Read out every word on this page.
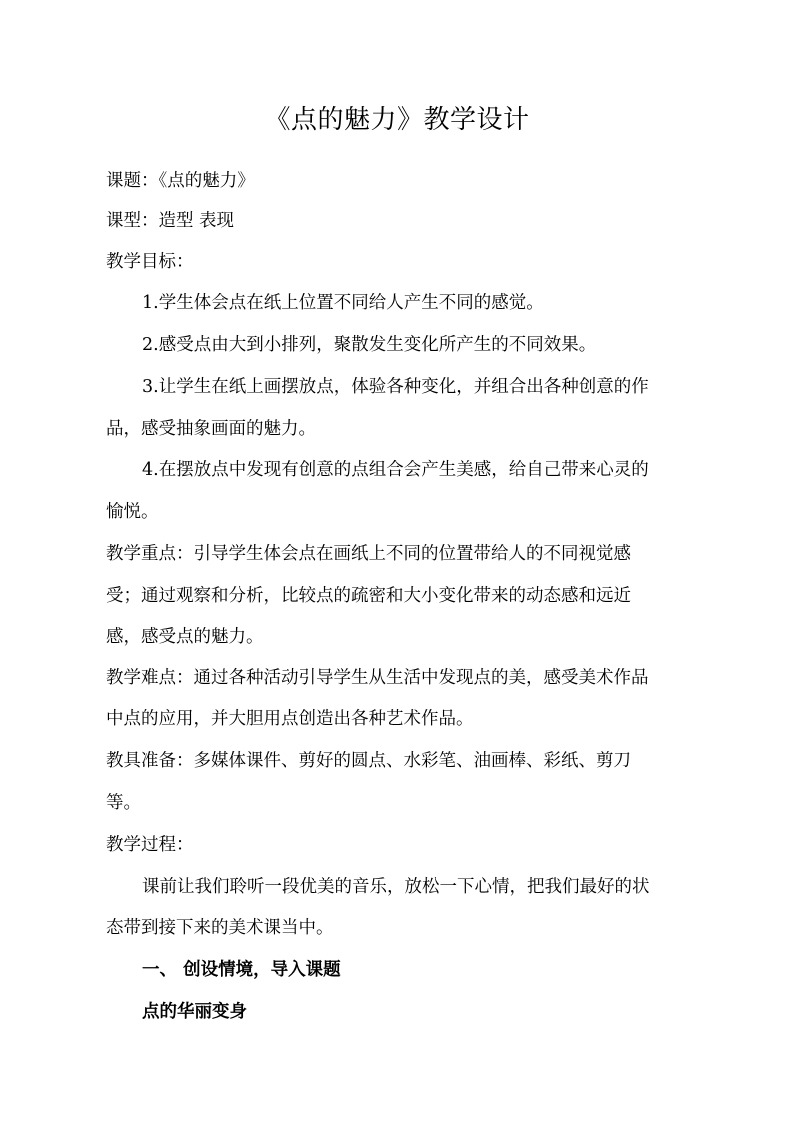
《点的魅力》教学设计

课题：《点的魅力》

课型：造型 表现

教学目标：

1.学生体会点在纸上位置不同给人产生不同的感觉。

2.感受点由大到小排列，聚散发生变化所产生的不同效果。

3.让学生在纸上画摆放点，体验各种变化，并组合出各种创意的作

品，感受抽象画面的魅力。

4.在摆放点中发现有创意的点组合会产生美感，给自己带来心灵的

愉悦。

教学重点：引导学生体会点在画纸上不同的位置带给人的不同视觉感

受；通过观察和分析，比较点的疏密和大小变化带来的动态感和远近

感，感受点的魅力。

教学难点：通过各种活动引导学生从生活中发现点的美，感受美术作品

中点的应用，并大胆用点创造出各种艺术作品。

教具准备：多媒体课件、剪好的圆点、水彩笔、油画棒、彩纸、剪刀

等。

教学过程：

课前让我们聆听一段优美的音乐，放松一下心情，把我们最好的状

态带到接下来的美术课当中。

一、 创设情境，导入课题

点的华丽变身
